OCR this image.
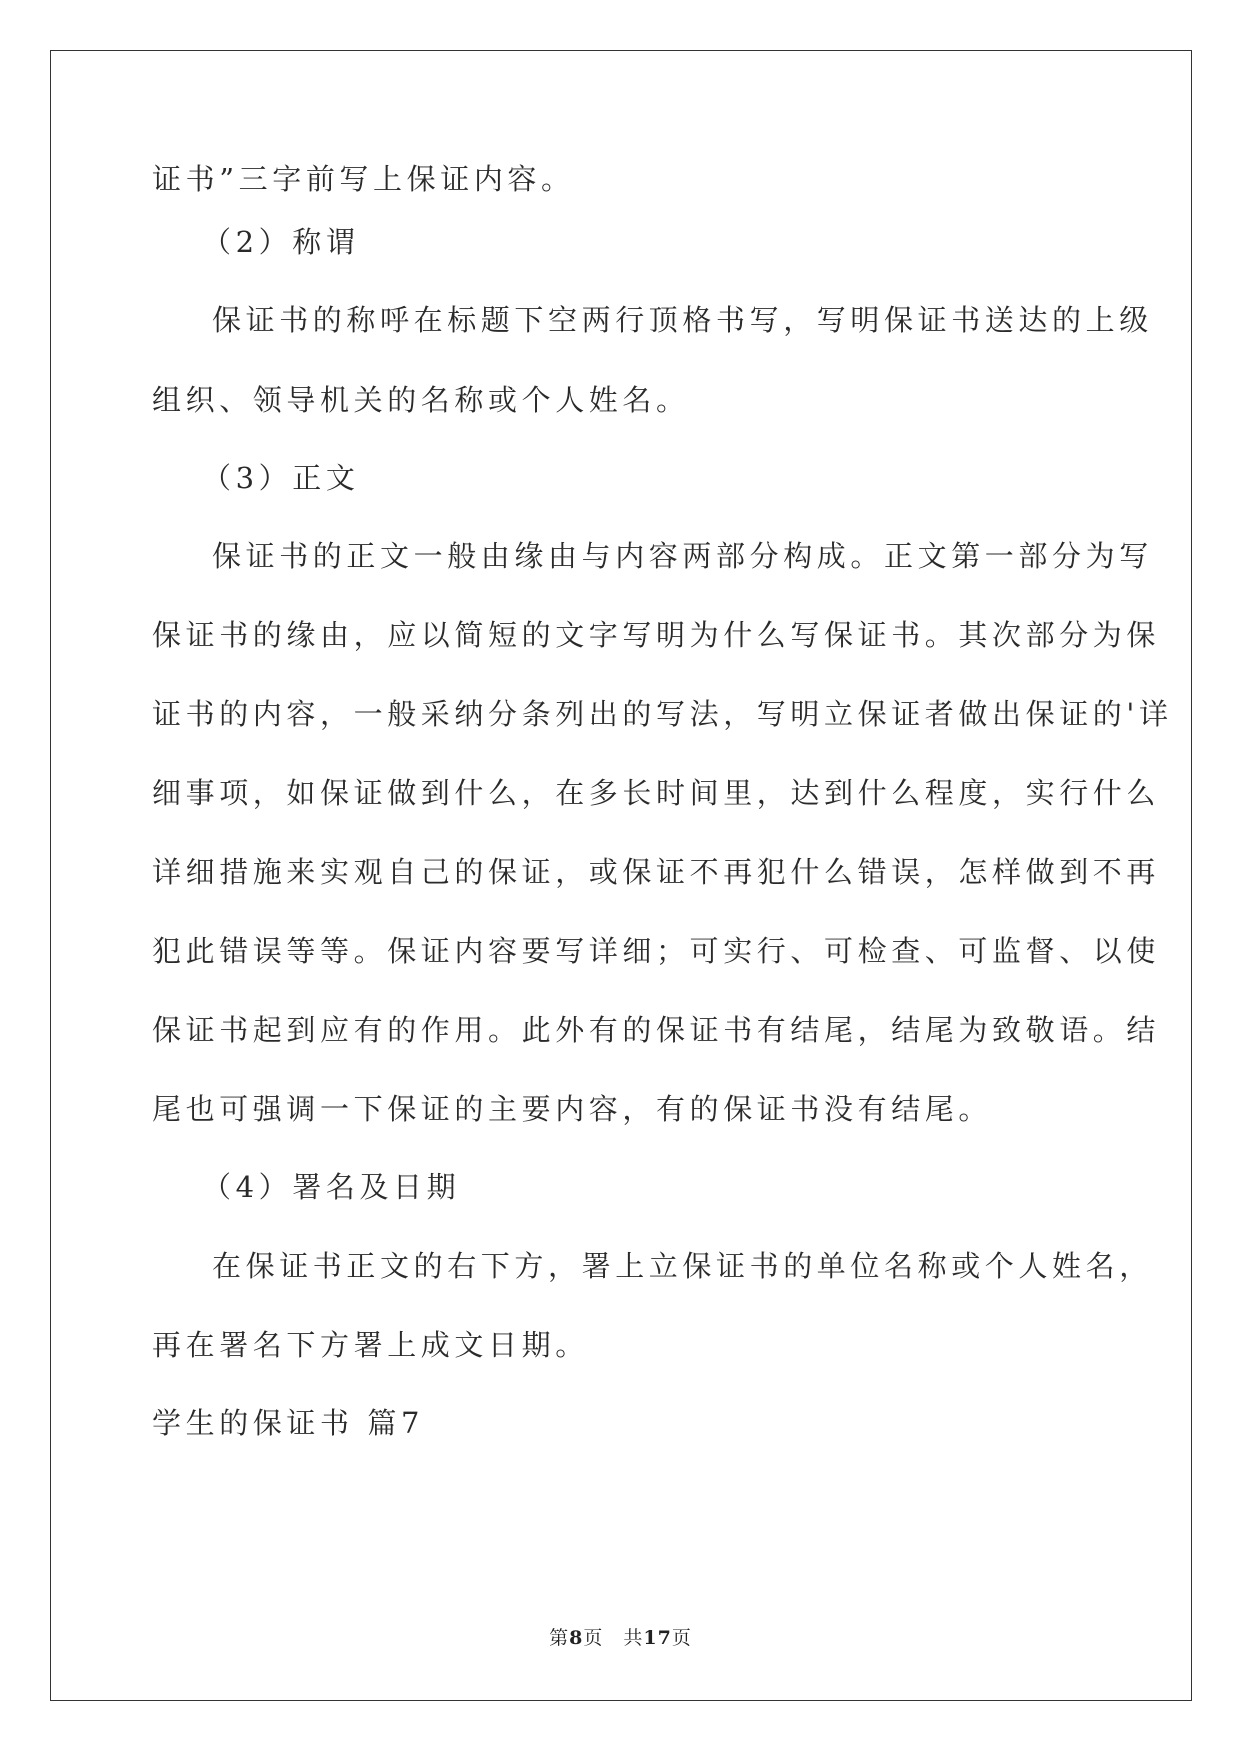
证书”三字前写上保证内容。
（2）称谓
保证书的称呼在标题下空两行顶格书写，写明保证书送达的上级
组织、领导机关的名称或个人姓名。
（3）正文
保证书的正文一般由缘由与内容两部分构成。正文第一部分为写
保证书的缘由，应以简短的文字写明为什么写保证书。其次部分为保
证书的内容，一般采纳分条列出的写法，写明立保证者做出保证的'详
细事项，如保证做到什么，在多长时间里，达到什么程度，实行什么
详细措施来实观自己的保证，或保证不再犯什么错误，怎样做到不再
犯此错误等等。保证内容要写详细；可实行、可检查、可监督、以使
保证书起到应有的作用。此外有的保证书有结尾，结尾为致敬语。结
尾也可强调一下保证的主要内容，有的保证书没有结尾。
（4）署名及日期
在保证书正文的右下方，署上立保证书的单位名称或个人姓名，
再在署名下方署上成文日期。
学生的保证书 篇7
第8页　共17页
